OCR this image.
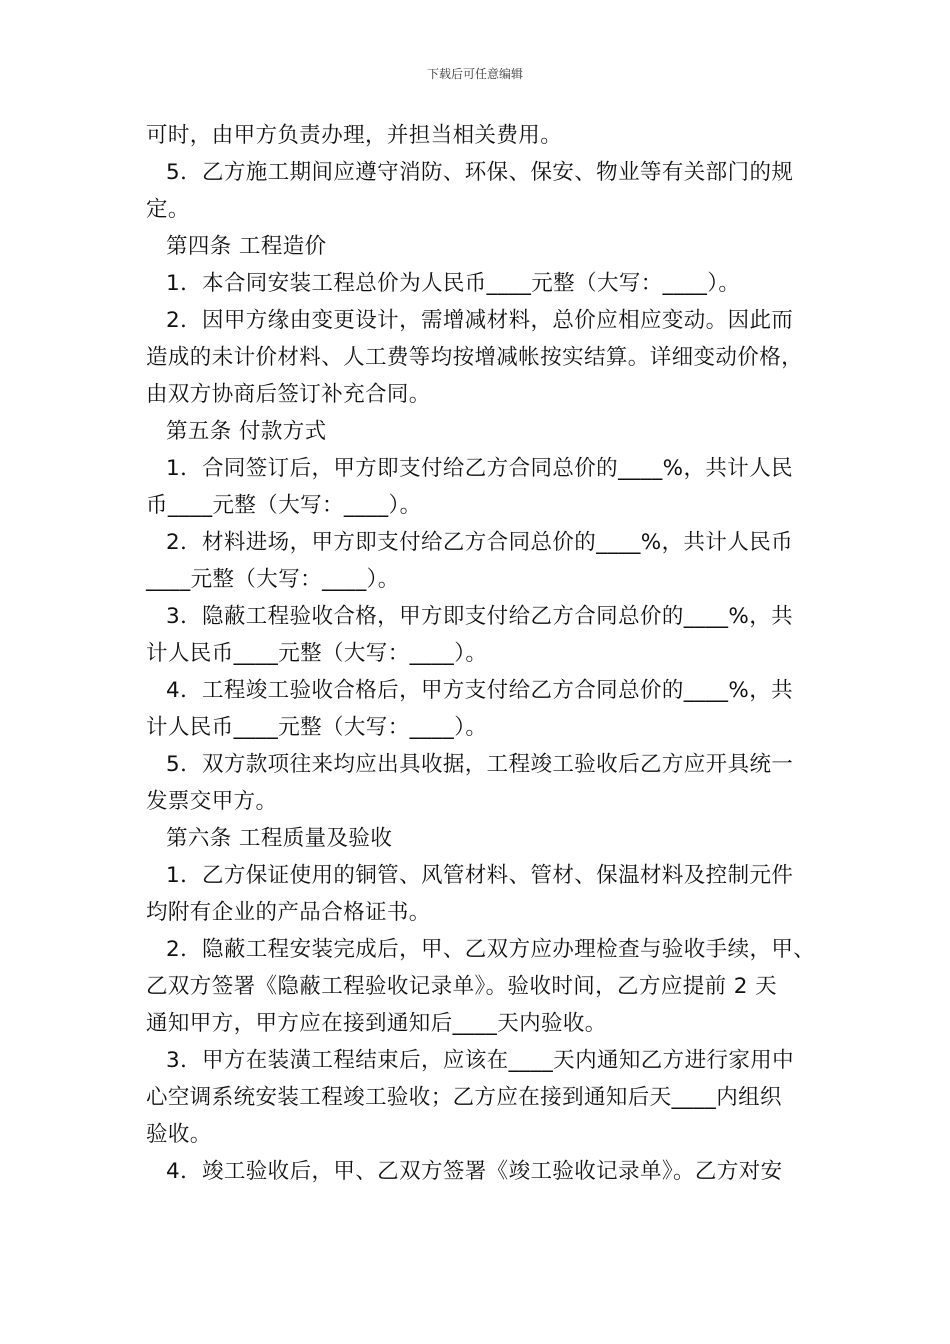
下载后可任意编辑
可时，由甲方负责办理，并担当相关费用。
5．乙方施工期间应遵守消防、环保、保安、物业等有关部门的规
定。
第四条 工程造价
1．本合同安装工程总价为人民币____元整（大写：____）。
2．因甲方缘由变更设计，需增减材料，总价应相应变动。因此而
造成的未计价材料、人工费等均按增减帐按实结算。详细变动价格，
由双方协商后签订补充合同。
第五条 付款方式
1．合同签订后，甲方即支付给乙方合同总价的____%，共计人民
币____元整（大写：____）。
2．材料进场，甲方即支付给乙方合同总价的____%，共计人民币
____元整（大写：____）。
3．隐蔽工程验收合格，甲方即支付给乙方合同总价的____%，共
计人民币____元整（大写：____）。
4．工程竣工验收合格后，甲方支付给乙方合同总价的____%，共
计人民币____元整（大写：____）。
5．双方款项往来均应出具收据，工程竣工验收后乙方应开具统一
发票交甲方。
第六条 工程质量及验收
1．乙方保证使用的铜管、风管材料、管材、保温材料及控制元件
均附有企业的产品合格证书。
2．隐蔽工程安装完成后，甲、乙双方应办理检查与验收手续，甲、
乙双方签署《隐蔽工程验收记录单》。验收时间，乙方应提前 2 天
通知甲方，甲方应在接到通知后____天内验收。
3．甲方在装潢工程结束后，应该在____天内通知乙方进行家用中
心空调系统安装工程竣工验收；乙方应在接到通知后天____内组织
验收。
4．竣工验收后，甲、乙双方签署《竣工验收记录单》。乙方对安
